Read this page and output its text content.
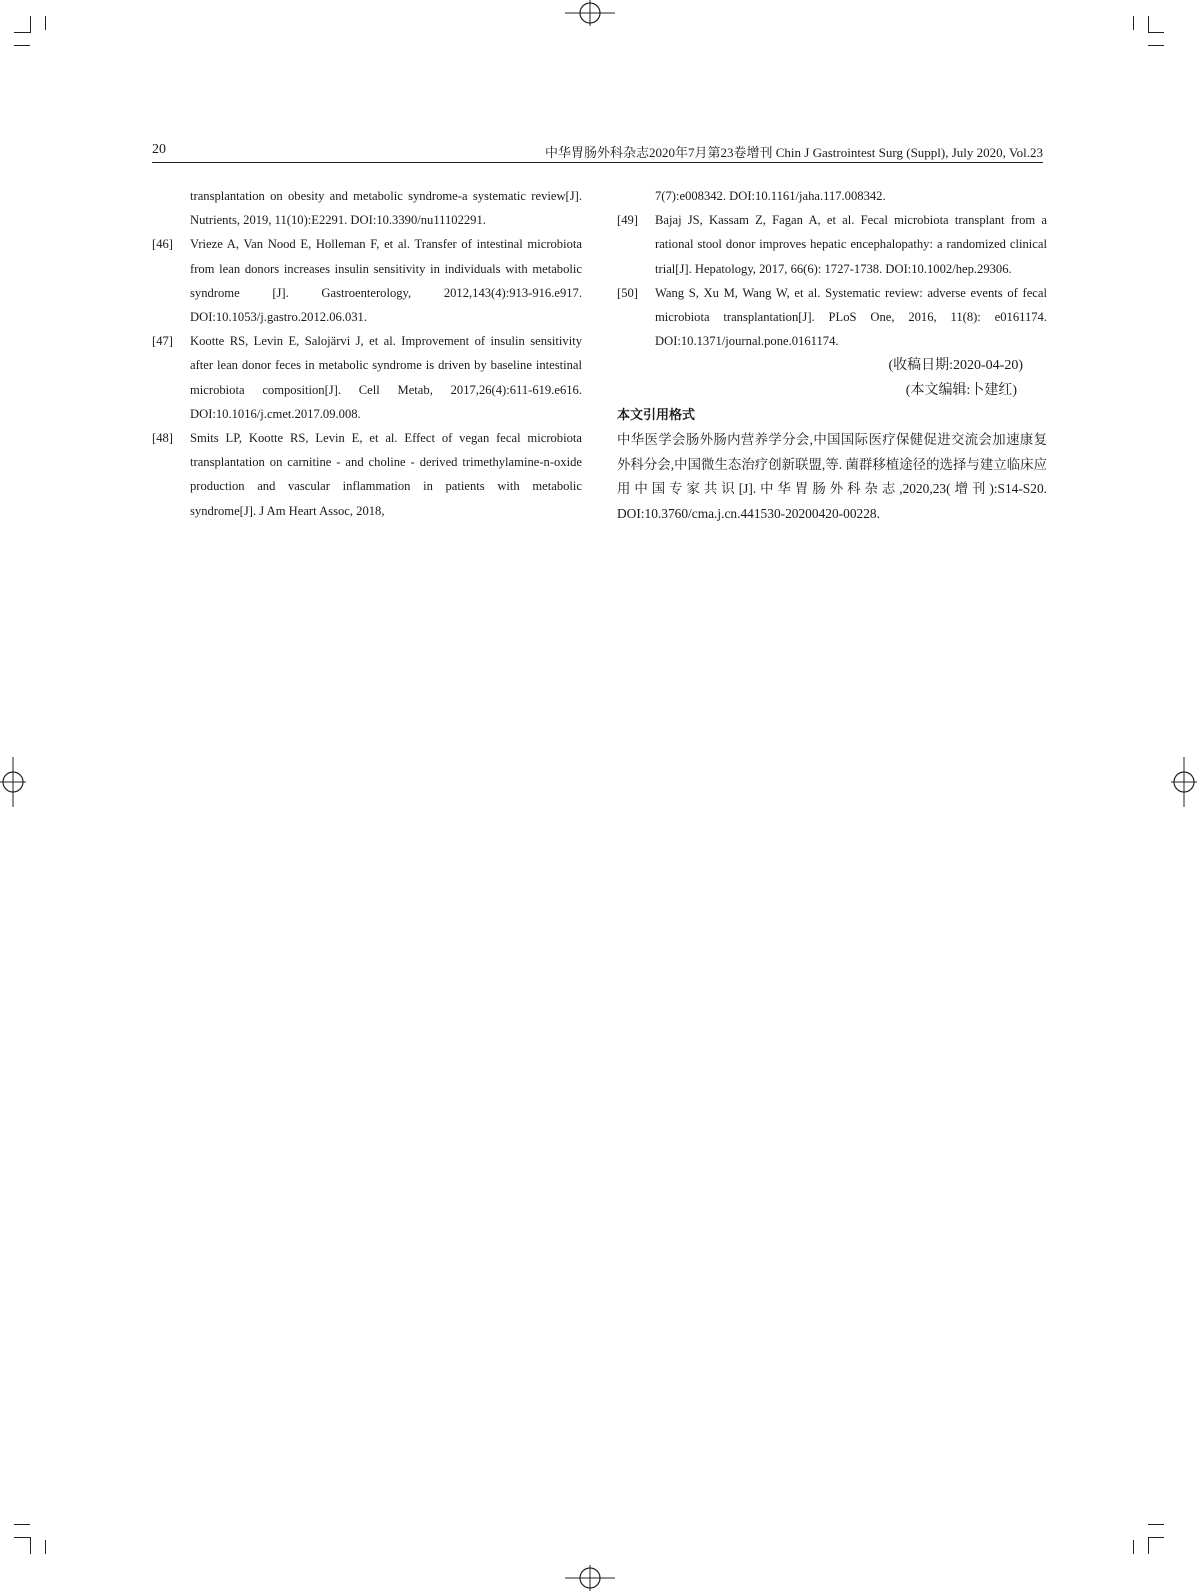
20	中华胃肠外科杂志2020年7月第23卷增刊 Chin J Gastrointest Surg (Suppl), July 2020, Vol.23
transplantation on obesity and metabolic syndrome-a systematic review[J]. Nutrients, 2019, 11(10):E2291. DOI:10.3390/nu11102291.
[46] Vrieze A, Van Nood E, Holleman F, et al. Transfer of intestinal microbiota from lean donors increases insulin sensitivity in individuals with metabolic syndrome [J]. Gastroenterology, 2012,143(4):913-916.e917. DOI:10.1053/j.gastro.2012.06.031.
[47] Kootte RS, Levin E, Salojärvi J, et al. Improvement of insulin sensitivity after lean donor feces in metabolic syndrome is driven by baseline intestinal microbiota composition[J]. Cell Metab, 2017,26(4):611-619.e616. DOI:10.1016/j.cmet.2017.09.008.
[48] Smits LP, Kootte RS, Levin E, et al. Effect of vegan fecal microbiota transplantation on carnitine - and choline - derived trimethylamine-n-oxide production and vascular inflammation in patients with metabolic syndrome[J]. J Am Heart Assoc, 2018,
7(7):e008342. DOI:10.1161/jaha.117.008342.
[49] Bajaj JS, Kassam Z, Fagan A, et al. Fecal microbiota transplant from a rational stool donor improves hepatic encephalopathy: a randomized clinical trial[J]. Hepatology, 2017, 66(6): 1727-1738. DOI:10.1002/hep.29306.
[50] Wang S, Xu M, Wang W, et al. Systematic review: adverse events of fecal microbiota transplantation[J]. PLoS One, 2016, 11(8): e0161174. DOI:10.1371/journal.pone.0161174.
(收稿日期:2020-04-20)
(本文编辑:卜建红)
本文引用格式
中华医学会肠外肠内营养学分会,中国国际医疗保健促进交流会加速康复外科分会,中国微生态治疗创新联盟,等. 菌群移植途径的选择与建立临床应用中国专家共识[J].中华胃肠外科杂志,2020,23(增刊):S14-S20. DOI:10.3760/cma.j.cn.441530-20200420-00228.
